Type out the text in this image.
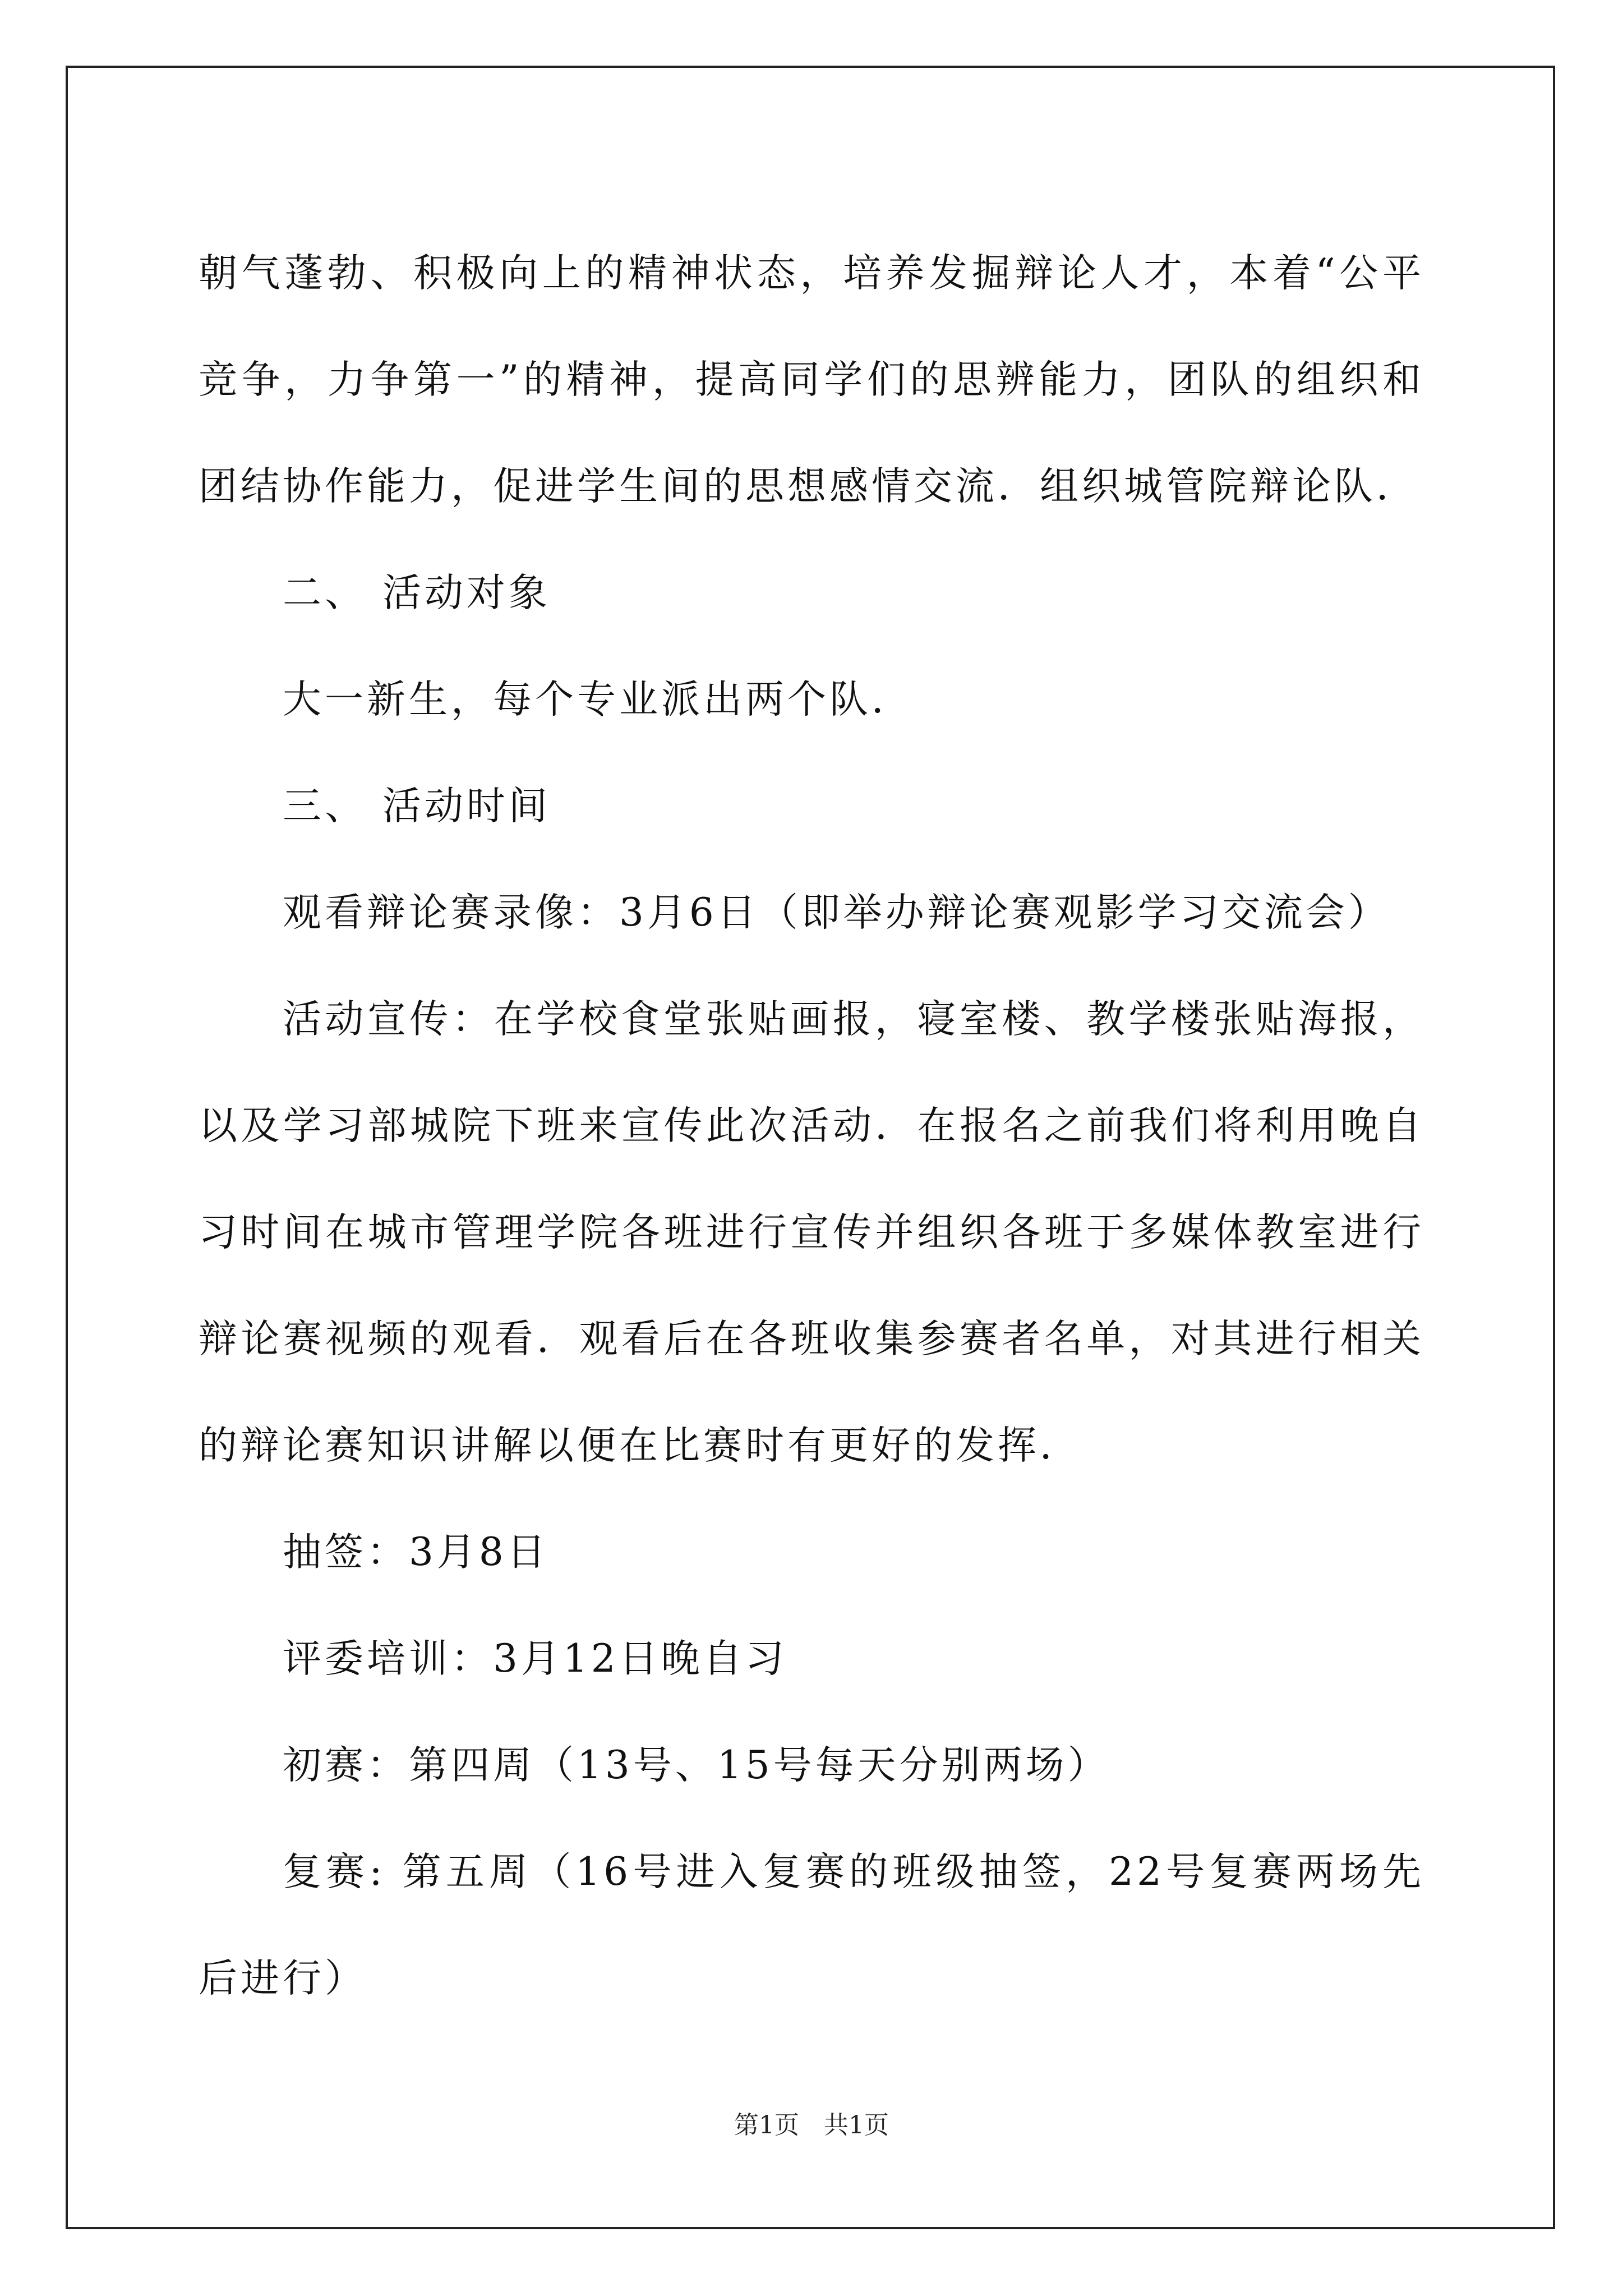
朝气蓬勃、积极向上的精神状态，培养发掘辩论人才，本着“公平竞争，力争第一”的精神，提高同学们的思辨能力，团队的组织和团结协作能力，促进学生间的思想感情交流．组织城管院辩论队．

二、 活动对象

大一新生，每个专业派出两个队．

三、 活动时间

观看辩论赛录像：3月6日（即举办辩论赛观影学习交流会）

活动宣传：在学校食堂张贴画报，寝室楼、教学楼张贴海报，以及学习部城院下班来宣传此次活动．在报名之前我们将利用晚自习时间在城市管理学院各班进行宣传并组织各班于多媒体教室进行辩论赛视频的观看．观看后在各班收集参赛者名单，对其进行相关的辩论赛知识讲解以便在比赛时有更好的发挥．

抽签：3月8日

评委培训：3月12日晚自习

初赛：第四周（13号、15号每天分别两场）

复赛: 第五周（16号进入复赛的班级抽签，22号复赛两场先后进行）

第1页　共1页
